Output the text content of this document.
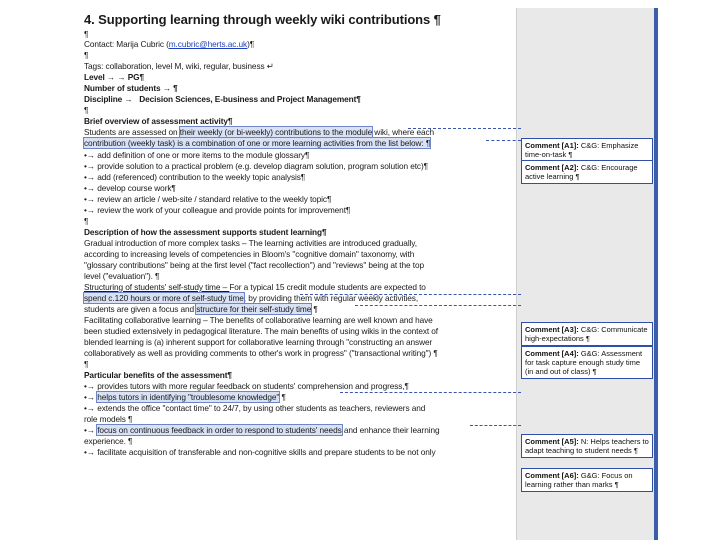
4. Supporting learning through weekly wiki contributions ¶
¶
Contact: Marija Cubric (m.cubric@herts.ac.uk)¶
¶
Tags: collaboration, level M, wiki, regular, business ↵
Level → → PG¶
Number of students → ¶
Discipline → Decision Sciences, E-business and Project Management¶
¶
Brief overview of assessment activity¶
Students are assessed on their weekly (or bi-weekly) contributions to the module wiki, where each
contribution (weekly task) is a combination of one or more learning activities from the list below: ¶
•→ add definition of one or more items to the module glossary¶
•→ provide solution to a practical problem (e.g. develop diagram solution, program solution etc)¶
•→ add (referenced) contribution to the weekly topic analysis¶
•→ develop course work¶
•→ review an article / web-site / standard relative to the weekly topic¶
•→ review the work of your colleague and provide points for improvement¶
¶
Description of how the assessment supports student learning¶
Gradual introduction of more complex tasks – The learning activities are introduced gradually,
according to increasing levels of competencies in Bloom's "cognitive domain" taxonomy, with
"glossary contributions" being at the first level ("fact recollection") and "reviews" being at the top
level ("evaluation"). ¶
Structuring of students' self-study time – For a typical 15 credit module students are expected to
spend c.120 hours or more of self-study time, by providing them with regular weekly activities,
students are given a focus and structure for their self-study time ¶
Facilitating collaborative learning – The benefits of collaborative learning are well known and have
been studied extensively in pedagogical literature. The main benefits of using wikis in the context of
blended learning is (a) inherent support for collaborative learning through "constructing an answer
collaboratively as well as providing comments to other's work in progress" ("transactional writing") ¶
¶
Particular benefits of the assessment¶
•→ provides tutors with more regular feedback on students' comprehension and progress,¶
•→ helps tutors in identifying "troublesome knowledge" ¶
•→ extends the office "contact time" to 24/7, by using other students as teachers, reviewers and
role models ¶
•→ focus on continuous feedback in order to respond to students' needs and enhance their learning
experience. ¶
•→ facilitate acquisition of transferable and non-cognitive skills and prepare students to be not only
Comment [A1]: C&G: Emphasize time-on-task ¶
Comment [A2]: C&G: Encourage active learning ¶
Comment [A3]: C&G: Communicate high-expectations ¶
Comment [A4]: G&G: Assessment for task capture enough study time (in and out of class) ¶
Comment [A5]: N: Helps teachers to adapt teaching to student needs ¶
Comment [A6]: G&G: Focus on learning rather than marks ¶
